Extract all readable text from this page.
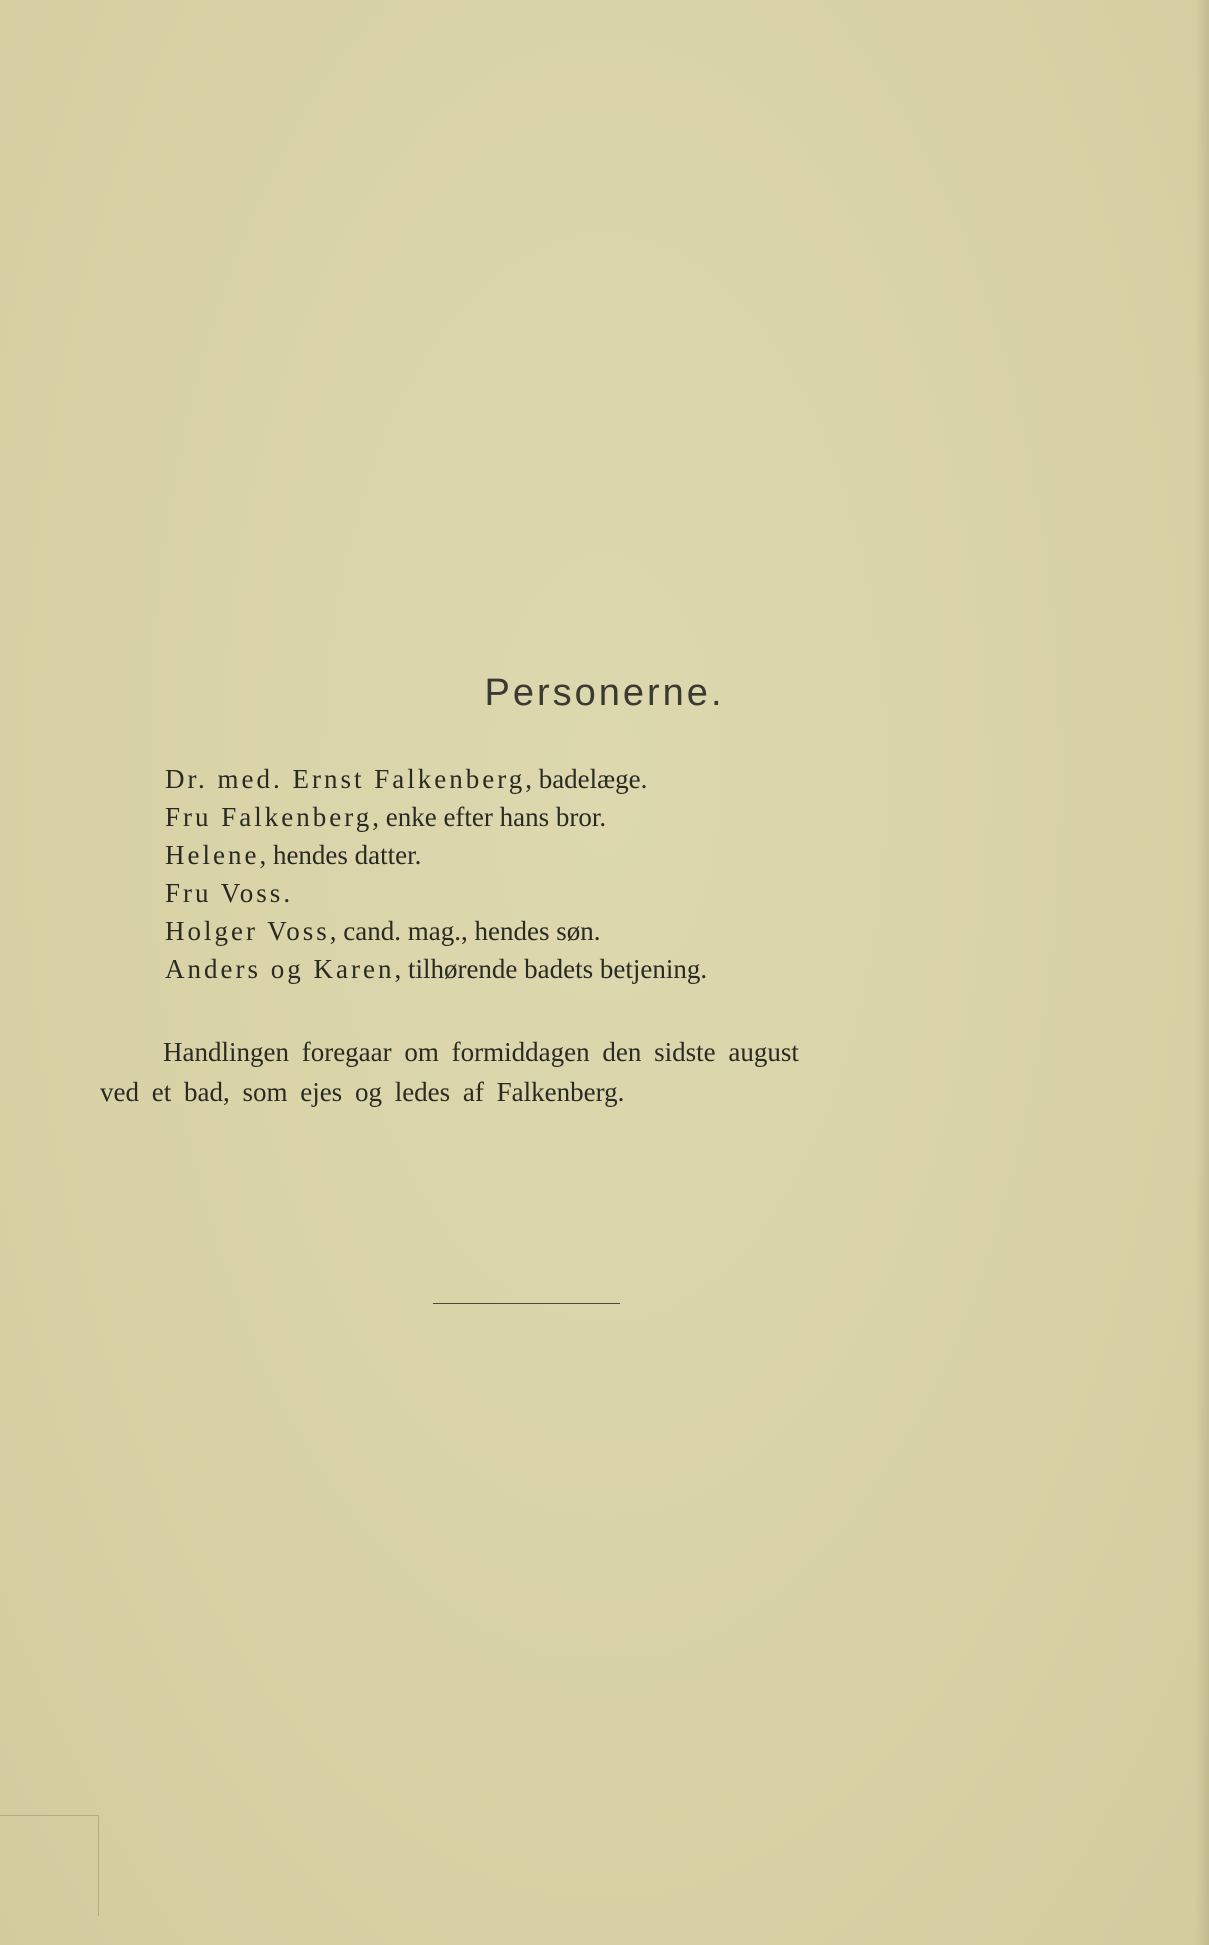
Personerne.
Dr. med. Ernst Falkenberg, badelæge.
Fru Falkenberg, enke efter hans bror.
Helene, hendes datter.
Fru Voss.
Holger Voss, cand. mag., hendes søn.
Anders og Karen, tilhørende badets betjening.
Handlingen foregaar om formiddagen den sidste august
ved et bad, som ejes og ledes af Falkenberg.
